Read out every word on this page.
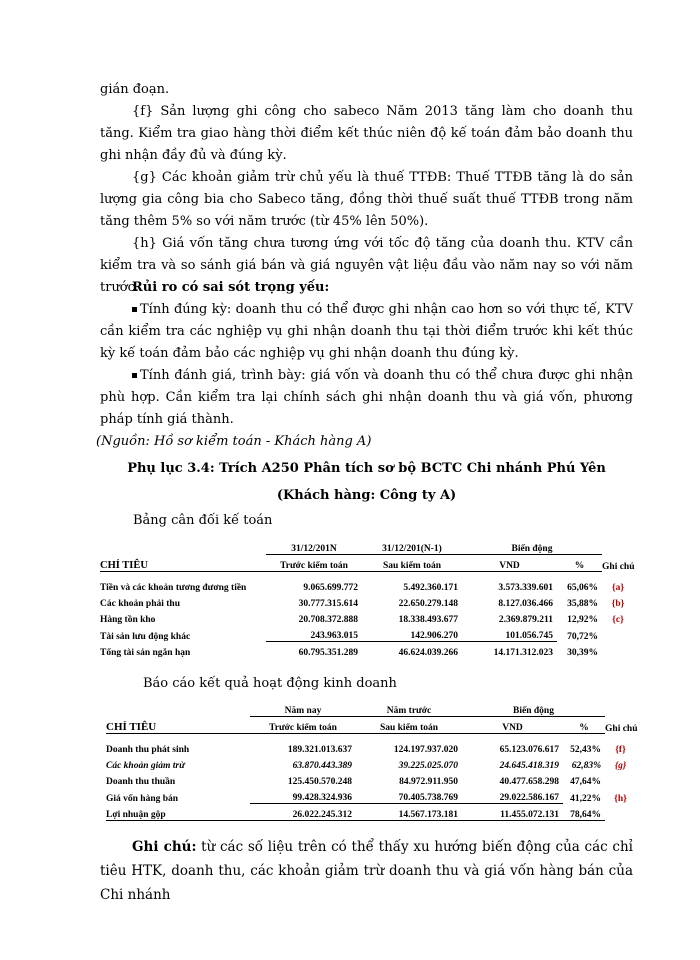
gián đoạn.

{f} Sản lượng ghi công cho sabeco Năm 2013 tăng làm cho doanh thu tăng. Kiểm tra giao hàng thời điểm kết thúc niên độ kế toán đảm bảo doanh thu ghi nhận đầy đủ và đúng kỳ.

{g} Các khoản giảm trừ chủ yếu là thuế TTĐB: Thuế TTĐB tăng là do sản lượng gia công bia cho Sabeco tăng, đồng thời thuế suất thuế TTĐB trong năm tăng thêm 5% so với năm trước (từ 45% lên 50%).

{h} Giá vốn tăng chưa tương ứng với tốc độ tăng của doanh thu. KTV cần kiểm tra và so sánh giá bán và giá nguyên vật liệu đầu vào năm nay so với năm trước.

Rủi ro có sai sót trọng yếu:

Tính đúng kỳ: doanh thu có thể được ghi nhận cao hơn so với thực tế, KTV cần kiểm tra các nghiệp vụ ghi nhận doanh thu tại thời điểm trước khi kết thúc kỳ kế toán đảm bảo các nghiệp vụ ghi nhận doanh thu đúng kỳ.

Tính đánh giá, trình bày: giá vốn và doanh thu có thể chưa được ghi nhận phù hợp. Cần kiểm tra lại chính sách ghi nhận doanh thu và giá vốn, phương pháp tính giá thành.

(Nguồn: Hồ sơ kiểm toán - Khách hàng A)

Phụ lục 3.4: Trích A250 Phân tích sơ bộ BCTC Chi nhánh Phú Yên

(Khách hàng: Công ty A)

Bảng cân đối kế toán

	31/12/201N	31/12/201(N-1)	Biến động		
CHỈ TIÊU	Trước kiểm toán	Sau kiểm toán	VND	%	Ghi chú

Tiền và các khoản tương đương tiền	9.065.699.772	5.492.360.171	3.573.339.601	65,06%	{a}
Các khoản phải thu	30.777.315.614	22.650.279.148	8.127.036.466	35,88%	{b}
Hàng tồn kho	20.708.372.888	18.338.493.677	2.369.879.211	12,92%	{c}
Tài sản lưu động khác	243.963.015	142.906.270	101.056.745	70,72%	
Tổng tài sản ngắn hạn	60.795.351.289	46.624.039.266	14.171.312.023	30,39%	

Báo cáo kết quả hoạt động kinh doanh

	Năm nay	Năm trước	Biến động		
CHỈ TIÊU	Trước kiểm toán	Sau kiểm toán	VND	%	Ghi chú

Doanh thu phát sinh	189.321.013.637	124.197.937.020	65.123.076.617	52,43%	{f}
Các khoản giảm trừ	63.870.443.389	39.225.025.070	24.645.418.319	62,83%	{g}
Doanh thu thuần	125.450.570.248	84.972.911.950	40.477.658.298	47,64%	
Giá vốn hàng bán	99.428.324.936	70.405.738.769	29.022.586.167	41,22%	{h}
Lợi nhuận gộp	26.022.245.312	14.567.173.181	11.455.072.131	78,64%	

Ghi chú: từ các số liệu trên có thể thấy xu hướng biến động của các chỉ tiêu HTK, doanh thu, các khoản giảm trừ doanh thu và giá vốn hàng bán của Chi nhánh
